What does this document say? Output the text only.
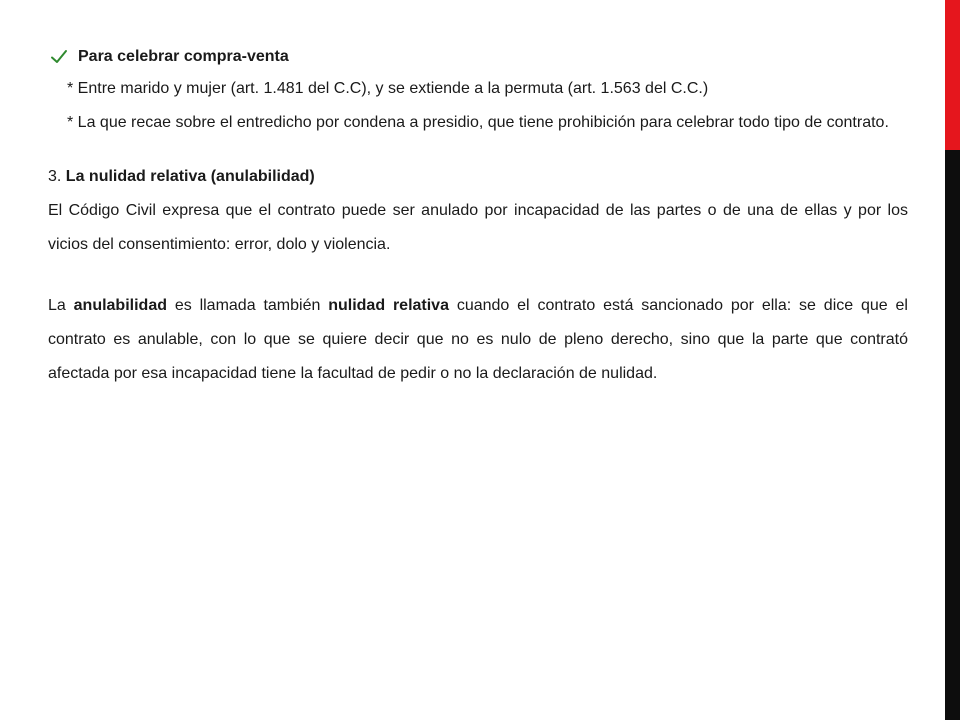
Para celebrar compra-venta
* Entre marido y mujer (art. 1.481 del C.C), y se extiende a la permuta (art. 1.563 del C.C.)
* La que recae sobre el entredicho por condena a presidio, que tiene prohibición para celebrar todo tipo de contrato.
3. La nulidad relativa (anulabilidad)
El Código Civil expresa que el contrato puede ser anulado por incapacidad de las partes o de una de ellas y por los vicios del consentimiento: error, dolo y violencia.
La anulabilidad es llamada también nulidad relativa cuando el contrato está sancionado por ella: se dice que el contrato es anulable, con lo que se quiere decir que no es nulo de pleno derecho, sino que la parte que contrató afectada por esa incapacidad tiene la facultad de pedir o no la declaración de nulidad.
